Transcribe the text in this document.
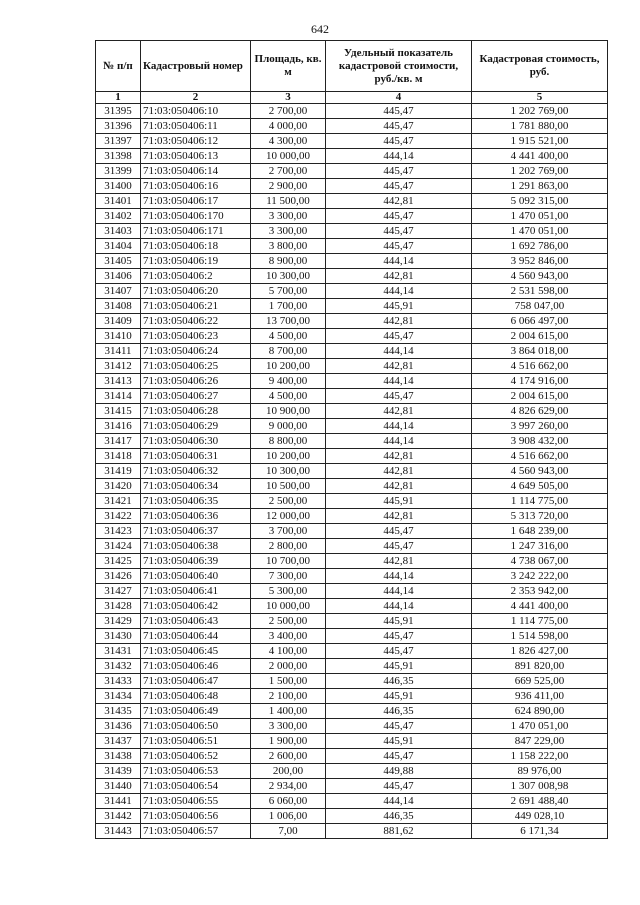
642
№ п/п	Кадастровый номер	Площадь, кв. м	Удельный показатель кадастровой стоимости, руб./кв. м	Кадастровая стоимость, руб.
1	2	3	4	5
31395	71:03:050406:10	2 700,00	445,47	1 202 769,00
31396	71:03:050406:11	4 000,00	445,47	1 781 880,00
31397	71:03:050406:12	4 300,00	445,47	1 915 521,00
31398	71:03:050406:13	10 000,00	444,14	4 441 400,00
31399	71:03:050406:14	2 700,00	445,47	1 202 769,00
31400	71:03:050406:16	2 900,00	445,47	1 291 863,00
31401	71:03:050406:17	11 500,00	442,81	5 092 315,00
31402	71:03:050406:170	3 300,00	445,47	1 470 051,00
31403	71:03:050406:171	3 300,00	445,47	1 470 051,00
31404	71:03:050406:18	3 800,00	445,47	1 692 786,00
31405	71:03:050406:19	8 900,00	444,14	3 952 846,00
31406	71:03:050406:2	10 300,00	442,81	4 560 943,00
31407	71:03:050406:20	5 700,00	444,14	2 531 598,00
31408	71:03:050406:21	1 700,00	445,91	758 047,00
31409	71:03:050406:22	13 700,00	442,81	6 066 497,00
31410	71:03:050406:23	4 500,00	445,47	2 004 615,00
31411	71:03:050406:24	8 700,00	444,14	3 864 018,00
31412	71:03:050406:25	10 200,00	442,81	4 516 662,00
31413	71:03:050406:26	9 400,00	444,14	4 174 916,00
31414	71:03:050406:27	4 500,00	445,47	2 004 615,00
31415	71:03:050406:28	10 900,00	442,81	4 826 629,00
31416	71:03:050406:29	9 000,00	444,14	3 997 260,00
31417	71:03:050406:30	8 800,00	444,14	3 908 432,00
31418	71:03:050406:31	10 200,00	442,81	4 516 662,00
31419	71:03:050406:32	10 300,00	442,81	4 560 943,00
31420	71:03:050406:34	10 500,00	442,81	4 649 505,00
31421	71:03:050406:35	2 500,00	445,91	1 114 775,00
31422	71:03:050406:36	12 000,00	442,81	5 313 720,00
31423	71:03:050406:37	3 700,00	445,47	1 648 239,00
31424	71:03:050406:38	2 800,00	445,47	1 247 316,00
31425	71:03:050406:39	10 700,00	442,81	4 738 067,00
31426	71:03:050406:40	7 300,00	444,14	3 242 222,00
31427	71:03:050406:41	5 300,00	444,14	2 353 942,00
31428	71:03:050406:42	10 000,00	444,14	4 441 400,00
31429	71:03:050406:43	2 500,00	445,91	1 114 775,00
31430	71:03:050406:44	3 400,00	445,47	1 514 598,00
31431	71:03:050406:45	4 100,00	445,47	1 826 427,00
31432	71:03:050406:46	2 000,00	445,91	891 820,00
31433	71:03:050406:47	1 500,00	446,35	669 525,00
31434	71:03:050406:48	2 100,00	445,91	936 411,00
31435	71:03:050406:49	1 400,00	446,35	624 890,00
31436	71:03:050406:50	3 300,00	445,47	1 470 051,00
31437	71:03:050406:51	1 900,00	445,91	847 229,00
31438	71:03:050406:52	2 600,00	445,47	1 158 222,00
31439	71:03:050406:53	200,00	449,88	89 976,00
31440	71:03:050406:54	2 934,00	445,47	1 307 008,98
31441	71:03:050406:55	6 060,00	444,14	2 691 488,40
31442	71:03:050406:56	1 006,00	446,35	449 028,10
31443	71:03:050406:57	7,00	881,62	6 171,34
